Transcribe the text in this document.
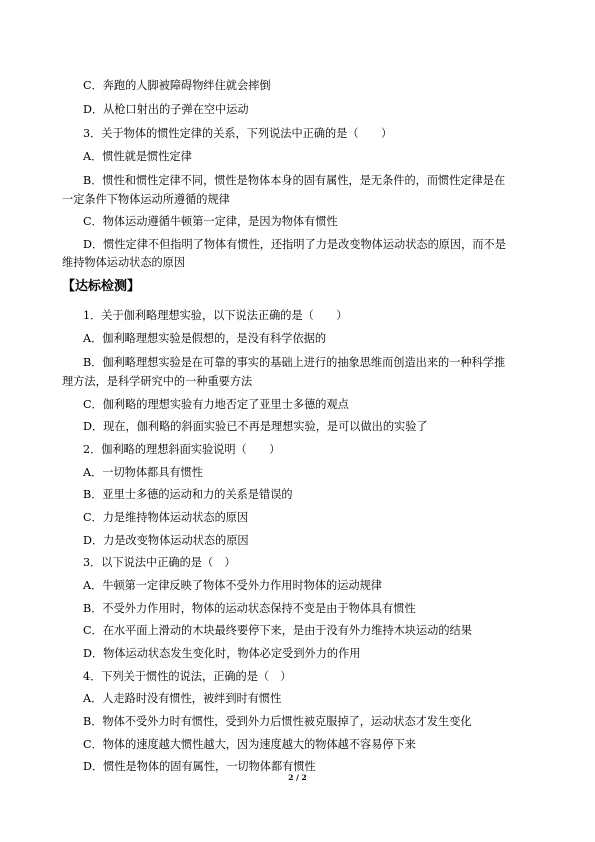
C．奔跑的人脚被障碍物绊住就会摔倒
D．从枪口射出的子弹在空中运动
3．关于物体的惯性定律的关系，下列说法中正确的是（　　）
A．惯性就是惯性定律
B．惯性和惯性定律不同，惯性是物体本身的固有属性，是无条件的，而惯性定律是在
一定条件下物体运动所遵循的规律
C．物体运动遵循牛顿第一定律，是因为物体有惯性
D．惯性定律不但指明了物体有惯性，还指明了力是改变物体运动状态的原因，而不是
维持物体运动状态的原因
【达标检测】
1．关于伽利略理想实验，以下说法正确的是（　　）
A．伽利略理想实验是假想的，是没有科学依据的
B．伽利略理想实验是在可靠的事实的基础上进行的抽象思维而创造出来的一种科学推
理方法，是科学研究中的一种重要方法
C．伽利略的理想实验有力地否定了亚里士多德的观点
D．现在，伽利略的斜面实验已不再是理想实验，是可以做出的实验了
2．伽利略的理想斜面实验说明（　　）
A．一切物体都具有惯性
B．亚里士多德的运动和力的关系是错误的
C．力是维持物体运动状态的原因
D．力是改变物体运动状态的原因
3．以下说法中正确的是（　）
A．牛顿第一定律反映了物体不受外力作用时物体的运动规律
B．不受外力作用时，物体的运动状态保持不变是由于物体具有惯性
C．在水平面上滑动的木块最终要停下来，是由于没有外力维持木块运动的结果
D．物体运动状态发生变化时，物体必定受到外力的作用
4．下列关于惯性的说法，正确的是（　）
A．人走路时没有惯性，被绊到时有惯性
B．物体不受外力时有惯性，受到外力后惯性被克服掉了，运动状态才发生变化
C．物体的速度越大惯性越大，因为速度越大的物体越不容易停下来
D．惯性是物体的固有属性，一切物体都有惯性
2 / 2
